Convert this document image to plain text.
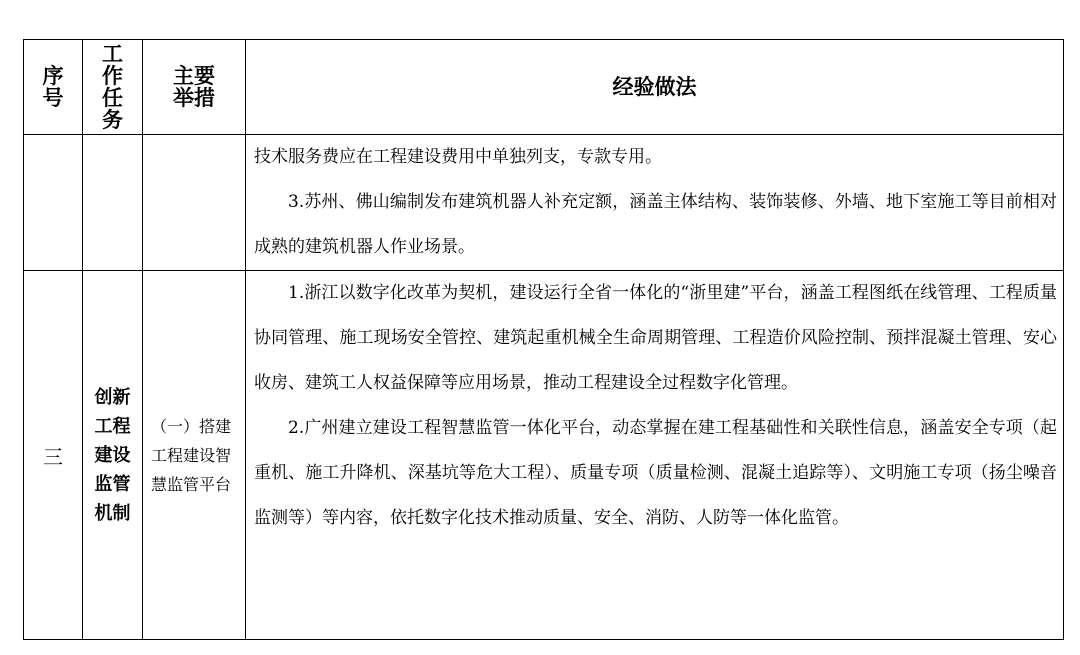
序号	工作任务	主要举措	经验做法

			技术服务费应在工程建设费用中单独列支，专款专用。
3.苏州、佛山编制发布建筑机器人补充定额，涵盖主体结构、装饰装修、外墙、地下室施工等目前相对成熟的建筑机器人作业场景。

三	创新工程建设监管机制	（一）搭建工程建设智慧监管平台	1.浙江以数字化改革为契机，建设运行全省一体化的“浙里建”平台，涵盖工程图纸在线管理、工程质量协同管理、施工现场安全管控、建筑起重机械全生命周期管理、工程造价风险控制、预拌混凝土管理、安心收房、建筑工人权益保障等应用场景，推动工程建设全过程数字化管理。
2.广州建立建设工程智慧监管一体化平台，动态掌握在建工程基础性和关联性信息，涵盖安全专项（起重机、施工升降机、深基坑等危大工程）、质量专项（质量检测、混凝土追踪等）、文明施工专项（扬尘噪音监测等）等内容，依托数字化技术推动质量、安全、消防、人防等一体化监管。
